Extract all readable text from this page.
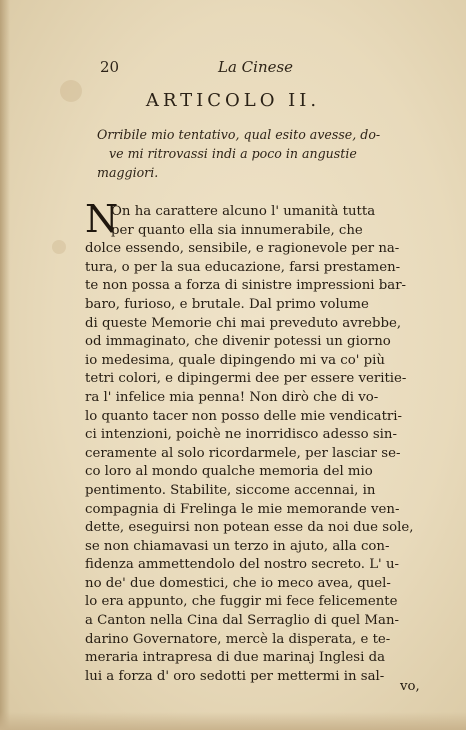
20	La Cinese
ARTICOLO II.
Orribile mio tentativo, qual esito avesse, do-
ve mi ritrovassi indi a poco in angustie
maggiori.
N
On ha carattere alcuno l' umanità tutta
per quanto ella sia innumerabile, che
dolce essendo, sensibile, e ragionevole per na-
tura, o per la sua educazione, farsi prestamen-
te non possa a forza di sinistre impressioni bar-
baro, furioso, e brutale. Dal primo volume
di queste Memorie chi mai preveduto avrebbe,
od immaginato, che divenir potessi un giorno
io medesima, quale dipingendo mi va co' più
tetri colori, e dipingermi dee per essere veritie-
ra l' infelice mia penna! Non dirò che di vo-
lo quanto tacer non posso delle mie vendicatri-
ci intenzioni, poichè ne inorridisco adesso sin-
ceramente al solo ricordarmele, per lasciar se-
co loro al mondo qualche memoria del mio
pentimento. Stabilite, siccome accennai, in
compagnia di Frelinga le mie memorande ven-
dette, eseguirsi non potean esse da noi due sole,
se non chiamavasi un terzo in ajuto, alla con-
fidenza ammettendolo del nostro secreto. L' u-
no de' due domestici, che io meco avea, quel-
lo era appunto, che fuggir mi fece felicemente
a Canton nella Cina dal Serraglio di quel Man-
darino Governatore, mercè la disperata, e te-
meraria intrapresa di due marinaj Inglesi da
lui a forza d' oro sedotti per mettermi in sal-
vo,
